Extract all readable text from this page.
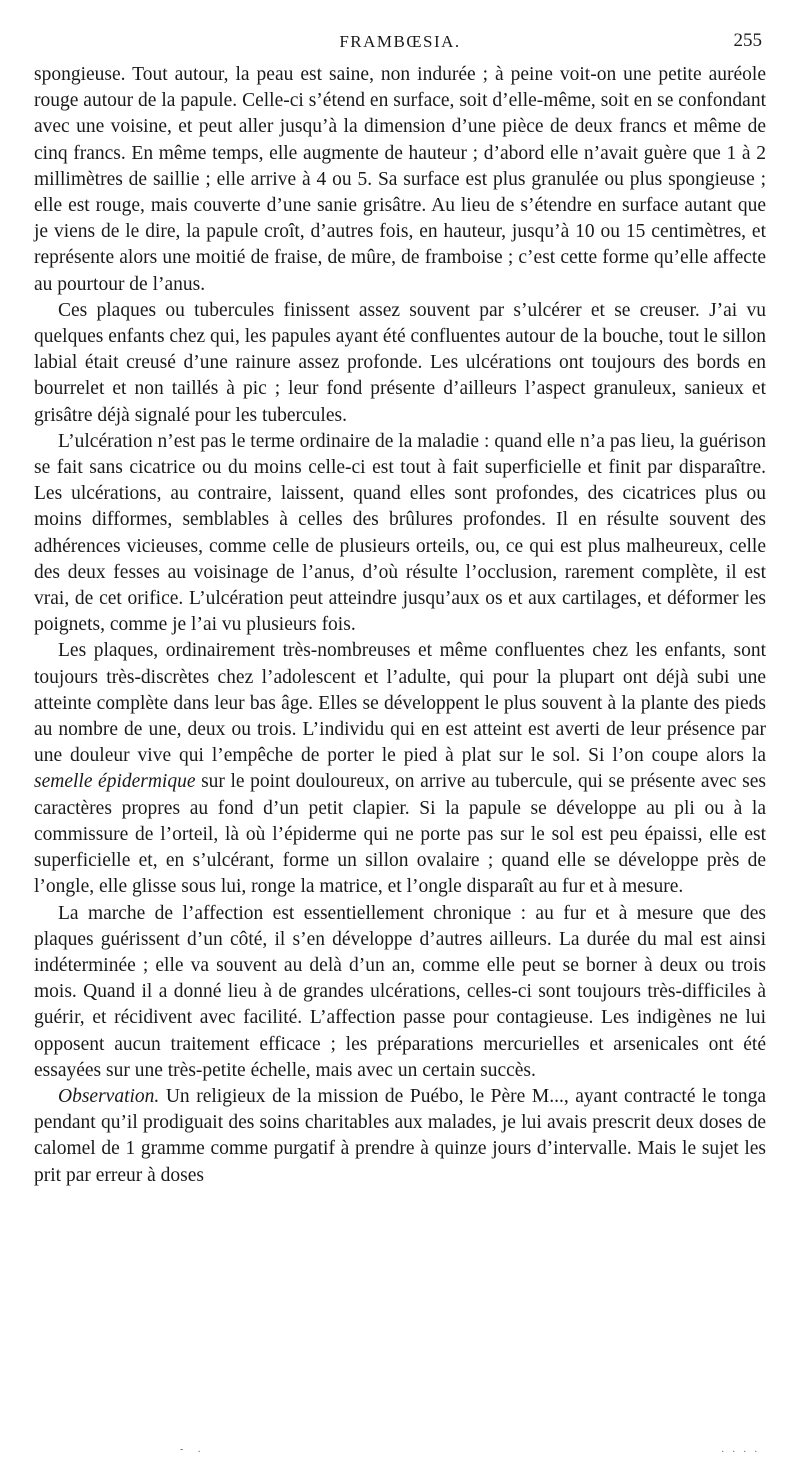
FRAMBŒSIA.	255

spongieuse. Tout autour, la peau est saine, non indurée ; à peine voit-on une petite auréole rouge autour de la papule. Celle-ci s’étend en surface, soit d’elle-même, soit en se confondant avec une voisine, et peut aller jusqu’à la dimension d’une pièce de deux francs et même de cinq francs. En même temps, elle augmente de hauteur ; d’abord elle n’avait guère que 1 à 2 millimètres de saillie ; elle arrive à 4 ou 5. Sa surface est plus granulée ou plus spongieuse ; elle est rouge, mais couverte d’une sanie grisâtre. Au lieu de s’étendre en surface autant que je viens de le dire, la papule croît, d’autres fois, en hauteur, jusqu’à 10 ou 15 centimètres, et représente alors une moitié de fraise, de mûre, de framboise ; c’est cette forme qu’elle affecte au pourtour de l’anus.

Ces plaques ou tubercules finissent assez souvent par s’ulcérer et se creuser. J’ai vu quelques enfants chez qui, les papules ayant été confluentes autour de la bouche, tout le sillon labial était creusé d’une rainure assez profonde. Les ulcérations ont toujours des bords en bourrelet et non taillés à pic ; leur fond présente d’ailleurs l’aspect granuleux, sanieux et grisâtre déjà signalé pour les tubercules.

L’ulcération n’est pas le terme ordinaire de la maladie : quand elle n’a pas lieu, la guérison se fait sans cicatrice ou du moins celle-ci est tout à fait superficielle et finit par disparaître. Les ulcérations, au contraire, laissent, quand elles sont profondes, des cicatrices plus ou moins difformes, semblables à celles des brûlures profondes. Il en résulte souvent des adhérences vicieuses, comme celle de plusieurs orteils, ou, ce qui est plus malheureux, celle des deux fesses au voisinage de l’anus, d’où résulte l’occlusion, rarement complète, il est vrai, de cet orifice. L’ulcération peut atteindre jusqu’aux os et aux cartilages, et déformer les poignets, comme je l’ai vu plusieurs fois.

Les plaques, ordinairement très-nombreuses et même confluentes chez les enfants, sont toujours très-discrètes chez l’adolescent et l’adulte, qui pour la plupart ont déjà subi une atteinte complète dans leur bas âge. Elles se développent le plus souvent à la plante des pieds au nombre de une, deux ou trois. L’individu qui en est atteint est averti de leur présence par une douleur vive qui l’empêche de porter le pied à plat sur le sol. Si l’on coupe alors la semelle épidermique sur le point douloureux, on arrive au tubercule, qui se présente avec ses caractères propres au fond d’un petit clapier. Si la papule se développe au pli ou à la commissure de l’orteil, là où l’épiderme qui ne porte pas sur le sol est peu épaissi, elle est superficielle et, en s’ulcérant, forme un sillon ovalaire ; quand elle se développe près de l’ongle, elle glisse sous lui, ronge la matrice, et l’ongle disparaît au fur et à mesure.

La marche de l’affection est essentiellement chronique : au fur et à mesure que des plaques guérissent d’un côté, il s’en développe d’autres ailleurs. La durée du mal est ainsi indéterminée ; elle va souvent au delà d’un an, comme elle peut se borner à deux ou trois mois. Quand il a donné lieu à de grandes ulcérations, celles-ci sont toujours très-difficiles à guérir, et récidivent avec facilité. L’affection passe pour contagieuse. Les indigènes ne lui opposent aucun traitement efficace ; les préparations mercurielles et arsenicales ont été essayées sur une très-petite échelle, mais avec un certain succès.

Observation. Un religieux de la mission de Puébo, le Père M..., ayant contracté le tonga pendant qu’il prodiguait des soins charitables aux malades, je lui avais prescrit deux doses de calomel de 1 gramme comme purgatif à prendre à quinze jours d’intervalle. Mais le sujet les prit par erreur à doses

- .	. . . .
